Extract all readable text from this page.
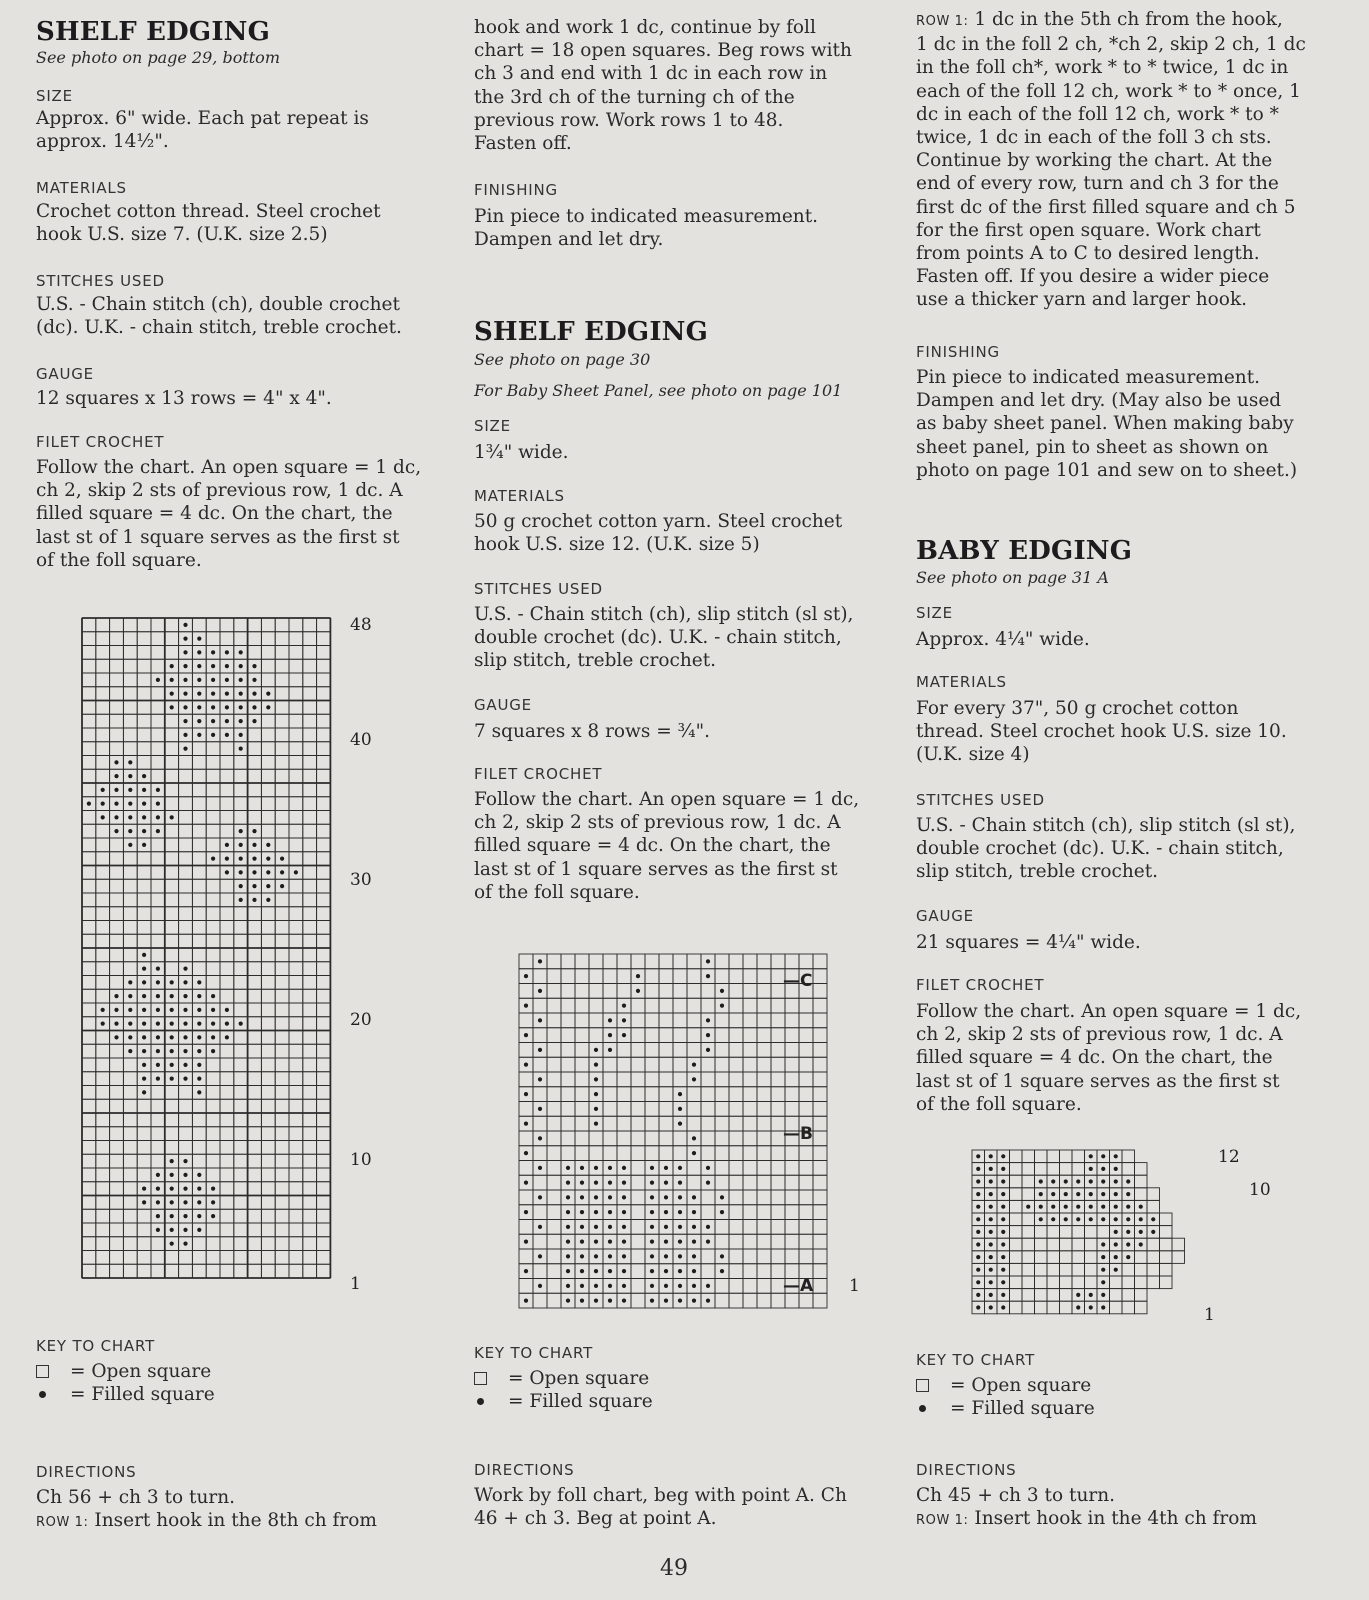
SHELF EDGING
See photo on page 29, bottom
SIZE
Approx. 6" wide. Each pat repeat is
approx. 14½".
MATERIALS
Crochet cotton thread. Steel crochet
hook U.S. size 7. (U.K. size 2.5)
STITCHES USED
U.S. - Chain stitch (ch), double crochet
(dc). U.K. - chain stitch, treble crochet.
GAUGE
12 squares x 13 rows = 4" x 4".
FILET CROCHET
Follow the chart. An open square = 1 dc,
ch 2, skip 2 sts of previous row, 1 dc. A
filled square = 4 dc. On the chart, the
last st of 1 square serves as the first st
of the foll square.
KEY TO CHART
= Open square
= Filled square
DIRECTIONS
Ch 56 + ch 3 to turn.
ROW 1: Insert hook in the 8th ch from
48
40
30
20
10
1
hook and work 1 dc, continue by foll
chart = 18 open squares. Beg rows with
ch 3 and end with 1 dc in each row in
the 3rd ch of the turning ch of the
previous row. Work rows 1 to 48.
Fasten off.
FINISHING
Pin piece to indicated measurement.
Dampen and let dry.
SHELF EDGING
See photo on page 30
For Baby Sheet Panel, see photo on page 101
SIZE
1¾" wide.
MATERIALS
50 g crochet cotton yarn. Steel crochet
hook U.S. size 12. (U.K. size 5)
STITCHES USED
U.S. - Chain stitch (ch), slip stitch (sl st),
double crochet (dc). U.K. - chain stitch,
slip stitch, treble crochet.
GAUGE
7 squares x 8 rows = ¾".
FILET CROCHET
Follow the chart. An open square = 1 dc,
ch 2, skip 2 sts of previous row, 1 dc. A
filled square = 4 dc. On the chart, the
last st of 1 square serves as the first st
of the foll square.
KEY TO CHART
= Open square
= Filled square
DIRECTIONS
Work by foll chart, beg with point A. Ch
46 + ch 3. Beg at point A.
—C
—B
—A 1
ROW 1: 1 dc in the 5th ch from the hook,
1 dc in the foll 2 ch, *ch 2, skip 2 ch, 1 dc
in the foll ch*, work * to * twice, 1 dc in
each of the foll 12 ch, work * to * once, 1
dc in each of the foll 12 ch, work * to *
twice, 1 dc in each of the foll 3 ch sts.
Continue by working the chart. At the
end of every row, turn and ch 3 for the
first dc of the first filled square and ch 5
for the first open square. Work chart
from points A to C to desired length.
Fasten off. If you desire a wider piece
use a thicker yarn and larger hook.
FINISHING
Pin piece to indicated measurement.
Dampen and let dry. (May also be used
as baby sheet panel. When making baby
sheet panel, pin to sheet as shown on
photo on page 101 and sew on to sheet.)
BABY EDGING
See photo on page 31 A
SIZE
Approx. 4¼" wide.
MATERIALS
For every 37", 50 g crochet cotton
thread. Steel crochet hook U.S. size 10.
(U.K. size 4)
STITCHES USED
U.S. - Chain stitch (ch), slip stitch (sl st),
double crochet (dc). U.K. - chain stitch,
slip stitch, treble crochet.
GAUGE
21 squares = 4¼" wide.
FILET CROCHET
Follow the chart. An open square = 1 dc,
ch 2, skip 2 sts of previous row, 1 dc. A
filled square = 4 dc. On the chart, the
last st of 1 square serves as the first st
of the foll square.
KEY TO CHART
= Open square
= Filled square
DIRECTIONS
Ch 45 + ch 3 to turn.
ROW 1: Insert hook in the 4th ch from
12
10
1
49
